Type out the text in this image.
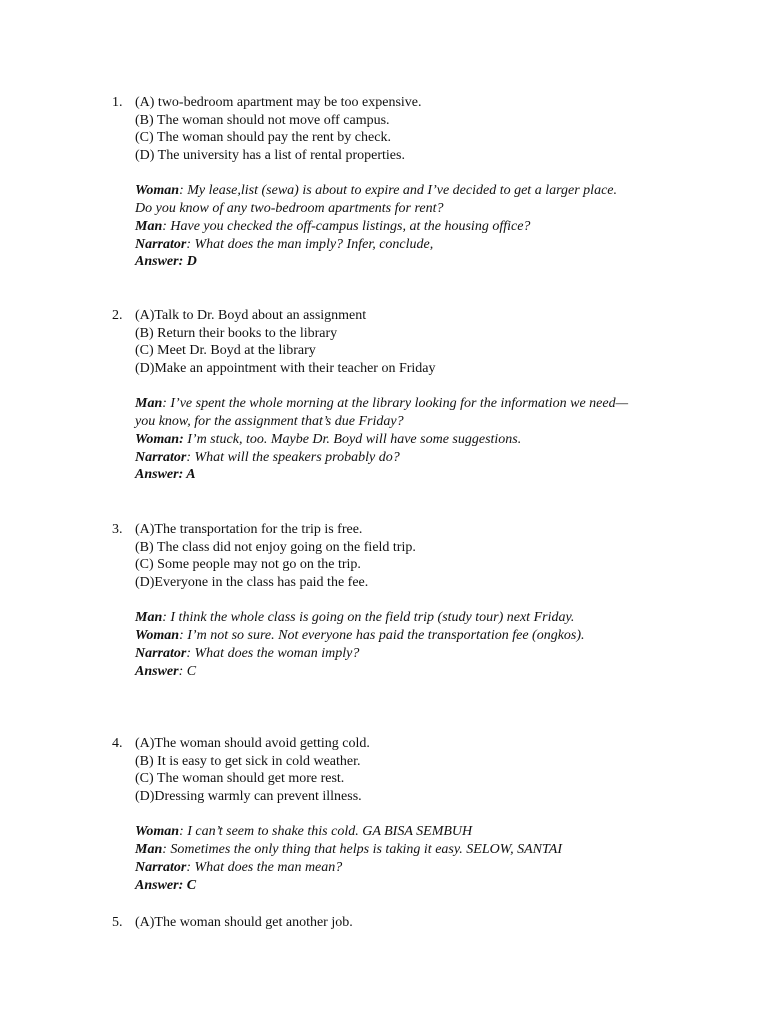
1. (A) two-bedroom apartment may be too expensive.
(B) The woman should not move off campus.
(C) The woman should pay the rent by check.
(D) The university has a list of rental properties.
Woman: My lease,list (sewa) is about to expire and I’ve decided to get a larger place.
Do you know of any two-bedroom apartments for rent?
Man: Have you checked the off-campus listings, at the housing office?
Narrator: What does the man imply? Infer, conclude,
Answer: D
2. (A)Talk to Dr. Boyd about an assignment
(B) Return their books to the library
(C) Meet Dr. Boyd at the library
(D)Make an appointment with their teacher on Friday
Man: I’ve spent the whole morning at the library looking for the information we need—
you know, for the assignment that’s due Friday?
Woman: I’m stuck, too. Maybe Dr. Boyd will have some suggestions.
Narrator: What will the speakers probably do?
Answer: A
3. (A)The transportation for the trip is free.
(B) The class did not enjoy going on the field trip.
(C) Some people may not go on the trip.
(D)Everyone in the class has paid the fee.
Man: I think the whole class is going on the field trip (study tour) next Friday.
Woman: I’m not so sure. Not everyone has paid the transportation fee (ongkos).
Narrator: What does the woman imply?
Answer: C
4. (A)The woman should avoid getting cold.
(B) It is easy to get sick in cold weather.
(C) The woman should get more rest.
(D)Dressing warmly can prevent illness.
Woman: I can’t seem to shake this cold. GA BISA SEMBUH
Man: Sometimes the only thing that helps is taking it easy. SELOW, SANTAI
Narrator: What does the man mean?
Answer: C
5. (A)The woman should get another job.
